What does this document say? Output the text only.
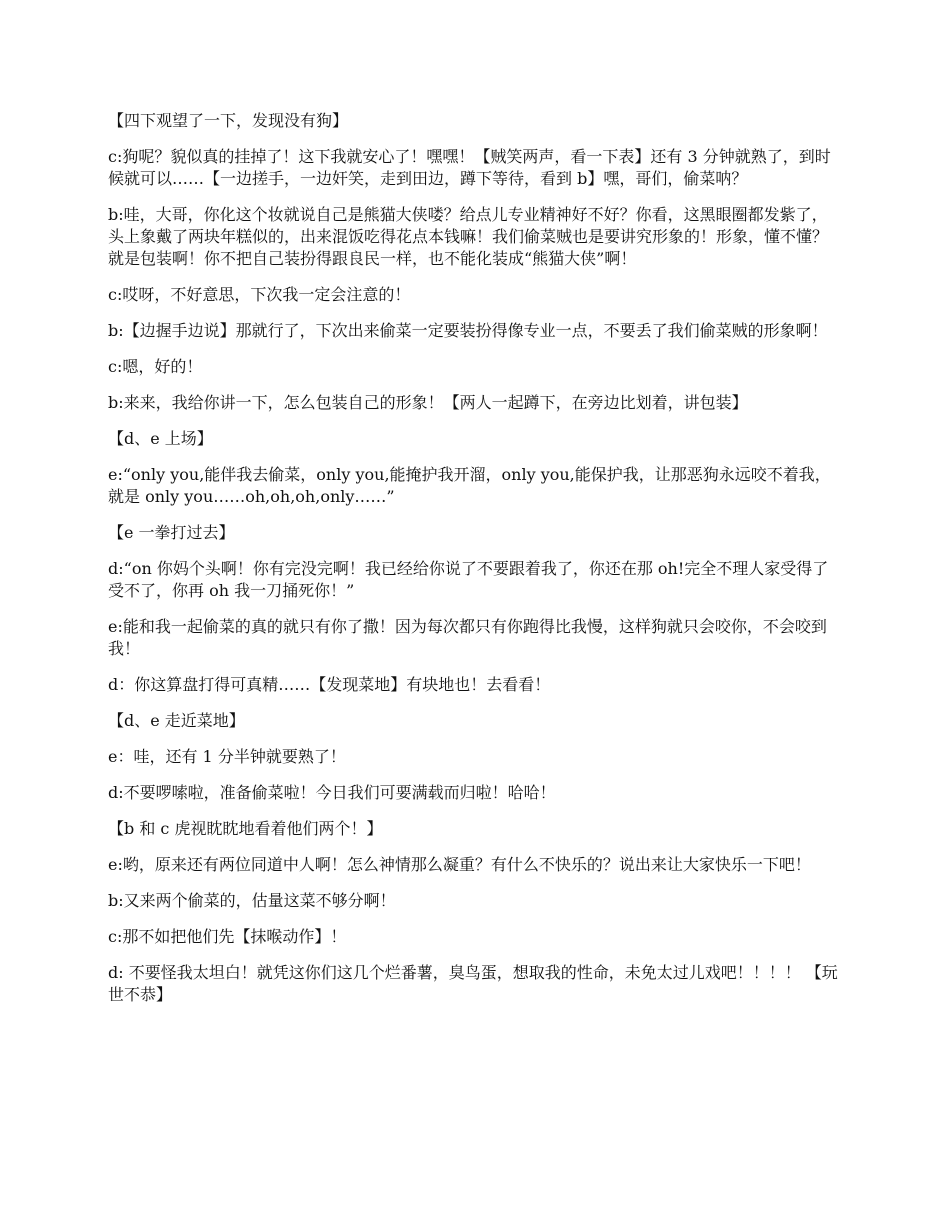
【四下观望了一下，发现没有狗】

c:狗呢？貌似真的挂掉了！这下我就安心了！嘿嘿！【贼笑两声，看一下表】还有 3 分钟就熟了，到时候就可以……【一边搓手，一边奸笑，走到田边，蹲下等待，看到 b】嘿，哥们，偷菜呐？

b:哇，大哥，你化这个妆就说自己是熊猫大侠喽？给点儿专业精神好不好？你看，这黑眼圈都发紫了，头上象戴了两块年糕似的，出来混饭吃得花点本钱嘛！我们偷菜贼也是要讲究形象的！形象，懂不懂？就是包装啊！你不把自己装扮得跟良民一样，也不能化装成“熊猫大侠”啊！

c:哎呀，不好意思，下次我一定会注意的！

b:【边握手边说】那就行了，下次出来偷菜一定要装扮得像专业一点，不要丢了我们偷菜贼的形象啊！

c:嗯，好的！

b:来来，我给你讲一下，怎么包装自己的形象！【两人一起蹲下，在旁边比划着，讲包装】

【d、e 上场】

e:“only you,能伴我去偷菜，only you,能掩护我开溜，only you,能保护我，让那恶狗永远咬不着我，就是 only you……oh,oh,oh,only……”

【e 一拳打过去】

d:“on 你妈个头啊！你有完没完啊！我已经给你说了不要跟着我了，你还在那 oh!完全不理人家受得了受不了，你再 oh 我一刀捅死你！”

e:能和我一起偷菜的真的就只有你了撒！因为每次都只有你跑得比我慢，这样狗就只会咬你，不会咬到我！

d：你这算盘打得可真精……【发现菜地】有块地也！去看看！

【d、e 走近菜地】

e：哇，还有 1 分半钟就要熟了！

d:不要啰嗦啦，准备偷菜啦！今日我们可要满载而归啦！哈哈！

【b 和 c 虎视眈眈地看着他们两个！】

e:哟，原来还有两位同道中人啊！怎么神情那么凝重？有什么不快乐的？说出来让大家快乐一下吧！

b:又来两个偷菜的，估量这菜不够分啊！

c:那不如把他们先【抹喉动作】！

d: 不要怪我太坦白！就凭这你们这几个烂番薯，臭鸟蛋，想取我的性命，未免太过儿戏吧！！！！ 【玩世不恭】
